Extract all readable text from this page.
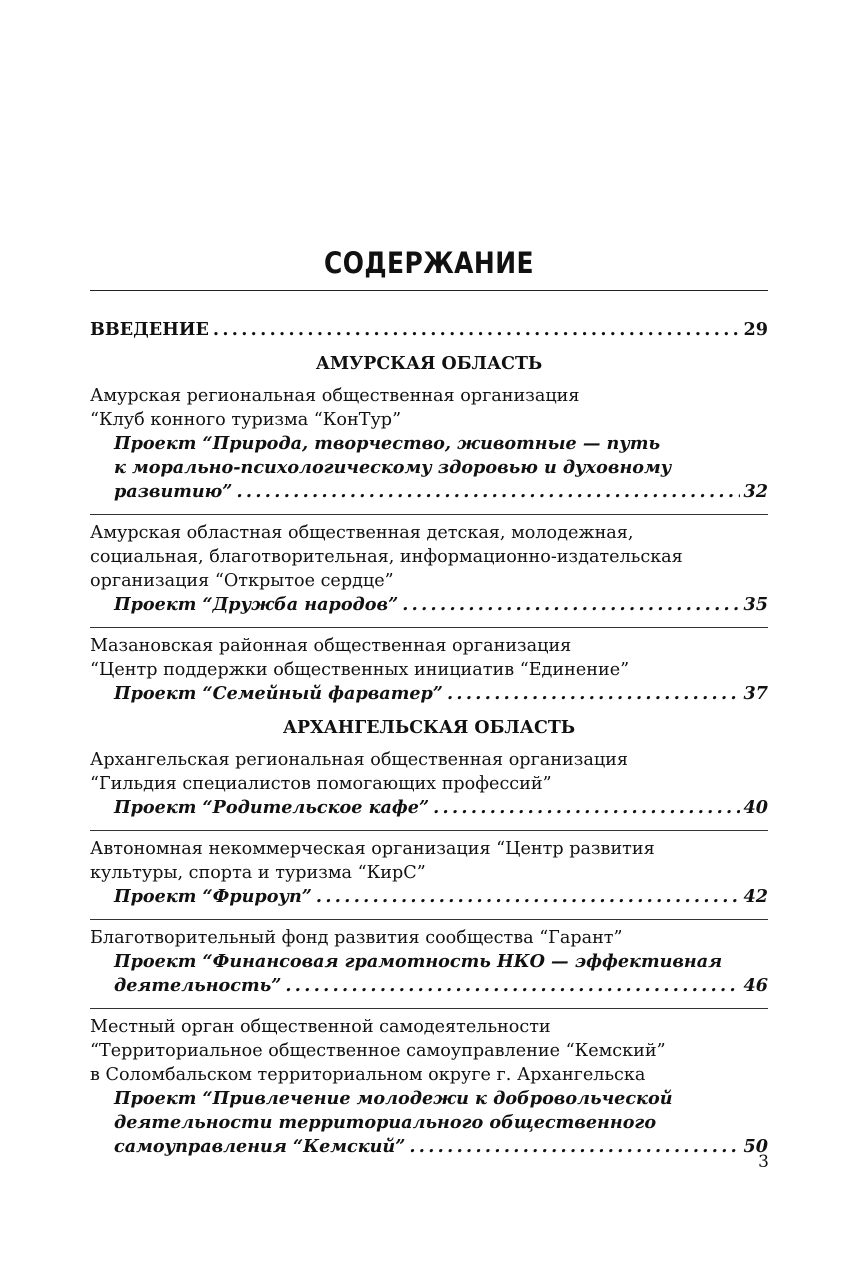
СОДЕРЖАНИЕ
ВВЕДЕНИЕ . . .	29
АМУРСКАЯ ОБЛАСТЬ
Амурская региональная общественная организация
“Клуб конного туризма “КонТур”
Проект “Природа, творчество, животные — путь
к морально-психологическому здоровью и духовному
развитию” . . .	32
Амурская областная общественная детская, молодежная,
социальная, благотворительная, информационно-издательская
организация “Открытое сердце”
Проект “Дружба народов” . . .	35
Мазановская районная общественная организация
“Центр поддержки общественных инициатив “Единение”
Проект “Семейный фарватер” . . .	37
АРХАНГЕЛЬСКАЯ ОБЛАСТЬ
Архангельская региональная общественная организация
“Гильдия специалистов помогающих профессий”
Проект “Родительское кафе” . . .	40
Автономная некоммерческая организация “Центр развития
культуры, спорта и туризма “КирС”
Проект “Фрироуп” . . .	42
Благотворительный фонд развития сообщества “Гарант”
Проект “Финансовая грамотность НКО — эффективная
деятельность” . . .	46
Местный орган общественной самодеятельности
“Территориальное общественное самоуправление “Кемский”
в Соломбальском территориальном округе г. Архангельска
Проект “Привлечение молодежи к добровольческой
деятельности территориального общественного
самоуправления “Кемский” . . .	50
3
